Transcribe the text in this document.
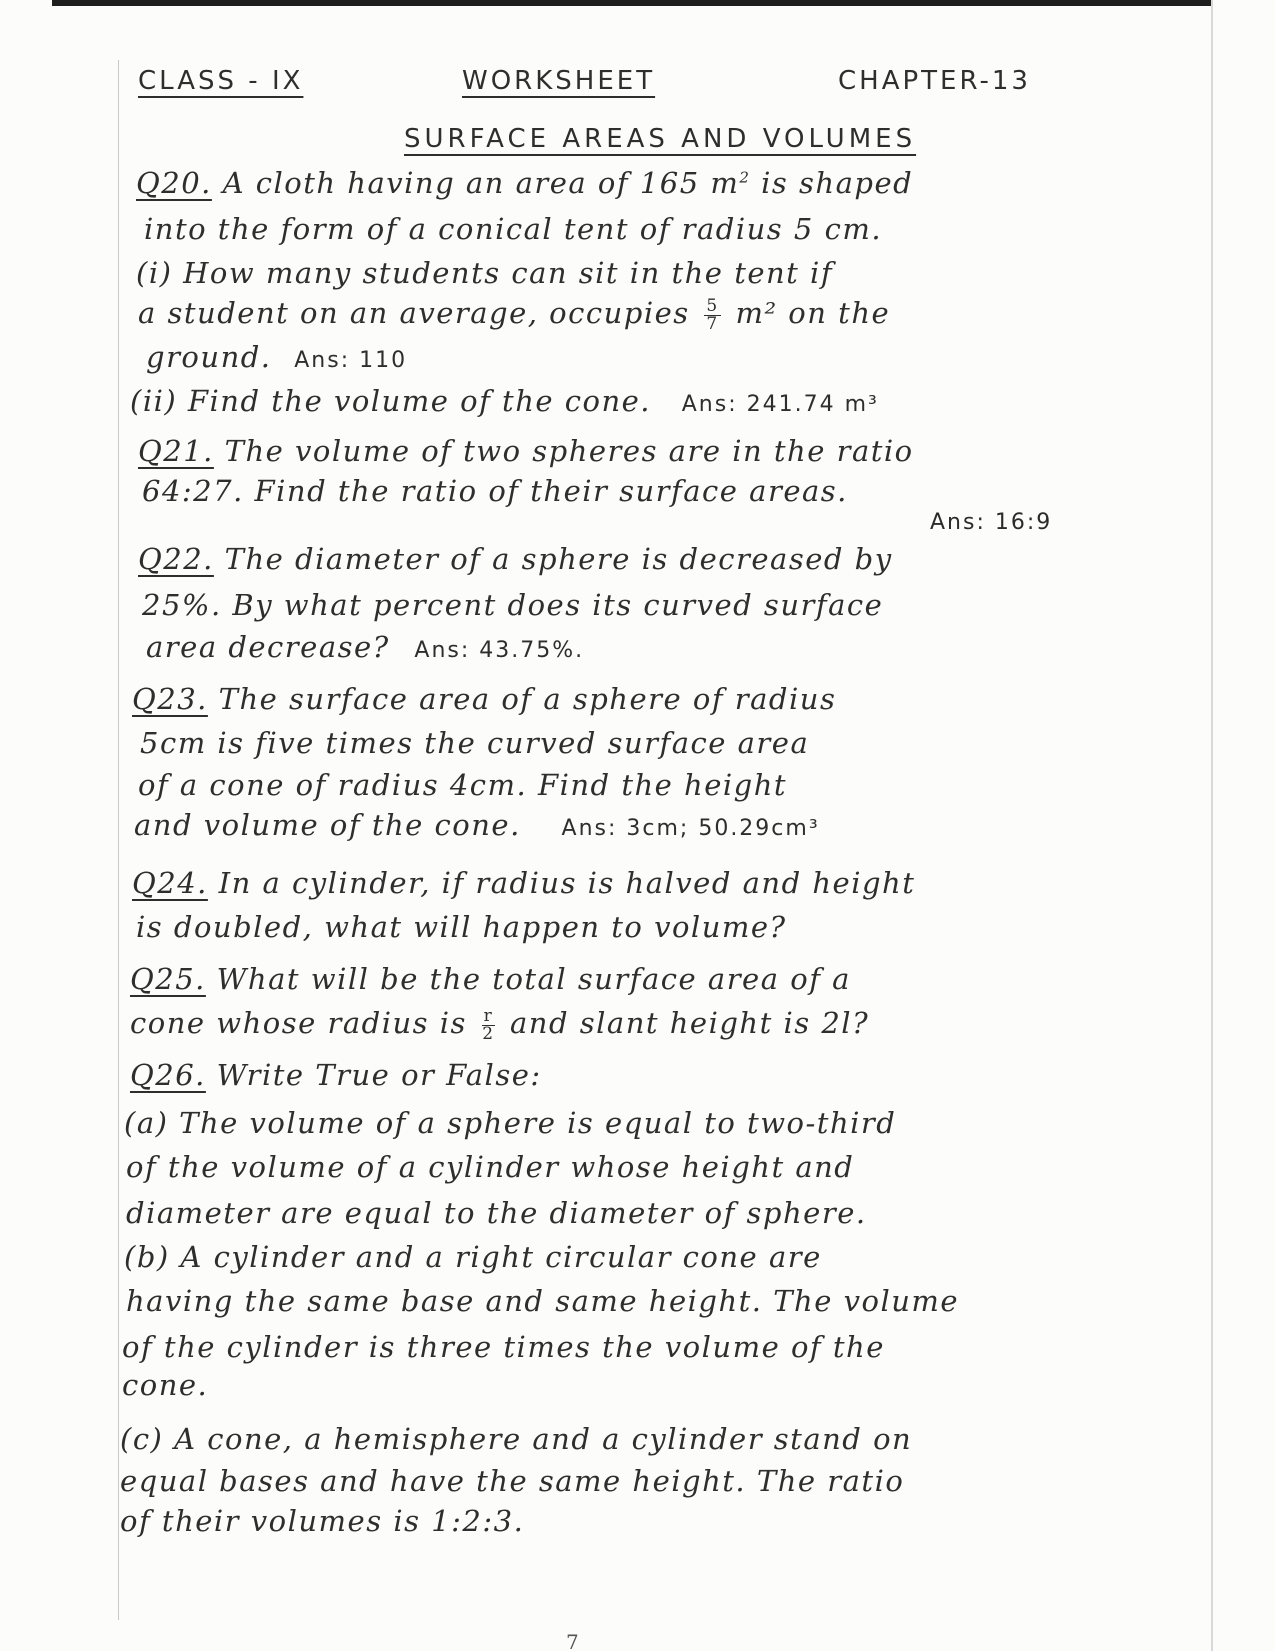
CLASS - IX	WORKSHEET	CHAPTER-13
SURFACE AREAS AND VOLUMES
Q20. A cloth having an area of 165 $m^2$ is shaped
into the form of a conical tent of radius 5 cm.
(i) How many students can sit in the tent if
a student on an average, occupies $\frac{5}{7} m^2$ on the
ground. Ans: 110
(ii) Find the volume of the cone. Ans: 241.74 m³
Q21. The volume of two spheres are in the ratio
64:27. Find the ratio of their surface areas.
Ans: 16:9
Q22. The diameter of a sphere is decreased by
25%. By what percent does its curved surface
area decrease? Ans: 43.75%.
Q23. The surface area of a sphere of radius
5cm is five times the curved surface area
of a cone of radius 4cm. Find the height
and volume of the cone. Ans: 3cm; 50.29cm³
Q24. In a cylinder, if radius is halved and height
is doubled, what will happen to volume?
Q25. What will be the total surface area of a
cone whose radius is $\frac{r}{2}$ and slant height is 2l?
Q26. Write True or False:
(a) The volume of a sphere is equal to two-third
of the volume of a cylinder whose height and
diameter are equal to the diameter of sphere.
(b) A cylinder and a right circular cone are
having the same base and same height. The volume
of the cylinder is three times the volume of the
cone.
(c) A cone, a hemisphere and a cylinder stand on
equal bases and have the same height. The ratio
of their volumes is 1:2:3.
7
